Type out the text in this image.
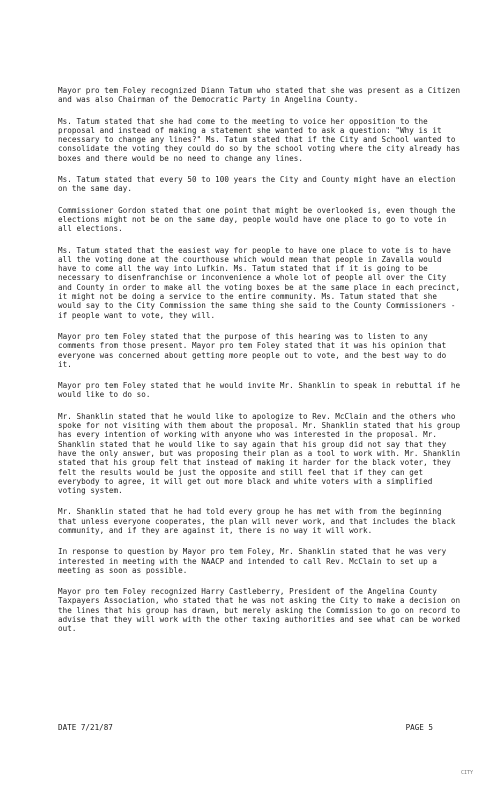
Mayor pro tem Foley recognized Diann Tatum who stated that she was present as a Citizen and was also Chairman of the Democratic Party in Angelina County.

Ms. Tatum stated that she had come to the meeting to voice her opposition to the proposal and instead of making a statement she wanted to ask a question: "Why is it necessary to change any lines?" Ms. Tatum stated that if the City and School wanted to consolidate the voting they could do so by the school voting where the city already has boxes and there would be no need to change any lines.

Ms. Tatum stated that every 50 to 100 years the City and County might have an election on the same day.

Commissioner Gordon stated that one point that might be overlooked is, even though the elections might not be on the same day, people would have one place to go to vote in all elections.

Ms. Tatum stated that the easiest way for people to have one place to vote is to have all the voting done at the courthouse which would mean that people in Zavalla would have to come all the way into Lufkin. Ms. Tatum stated that if it is going to be necessary to disenfranchise or inconvenience a whole lot of people all over the City and County in order to make all the voting boxes be at the same place in each precinct, it might not be doing a service to the entire community. Ms. Tatum stated that she would say to the City Commission the same thing she said to the County Commissioners - if people want to vote, they will.

Mayor pro tem Foley stated that the purpose of this hearing was to listen to any comments from those present. Mayor pro tem Foley stated that it was his opinion that everyone was concerned about getting more people out to vote, and the best way to do it.

Mayor pro tem Foley stated that he would invite Mr. Shanklin to speak in rebuttal if he would like to do so.

Mr. Shanklin stated that he would like to apologize to Rev. McClain and the others who spoke for not visiting with them about the proposal. Mr. Shanklin stated that his group has every intention of working with anyone who was interested in the proposal. Mr. Shanklin stated that he would like to say again that his group did not say that they have the only answer, but was proposing their plan as a tool to work with. Mr. Shanklin stated that his group felt that instead of making it harder for the black voter, they felt the results would be just the opposite and still feel that if they can get everybody to agree, it will get out more black and white voters with a simplified voting system.

Mr. Shanklin stated that he had told every group he has met with from the beginning that unless everyone cooperates, the plan will never work, and that includes the black community, and if they are against it, there is no way it will work.

In response to question by Mayor pro tem Foley, Mr. Shanklin stated that he was very interested in meeting with the NAACP and intended to call Rev. McClain to set up a meeting as soon as possible.

Mayor pro tem Foley recognized Harry Castleberry, President of the Angelina County Taxpayers Association, who stated that he was not asking the City to make a decision on the lines that his group has drawn, but merely asking the Commission to go on record to advise that they will work with the other taxing authorities and see what can be worked out.

DATE 7/21/87	PAGE 5
CITY
